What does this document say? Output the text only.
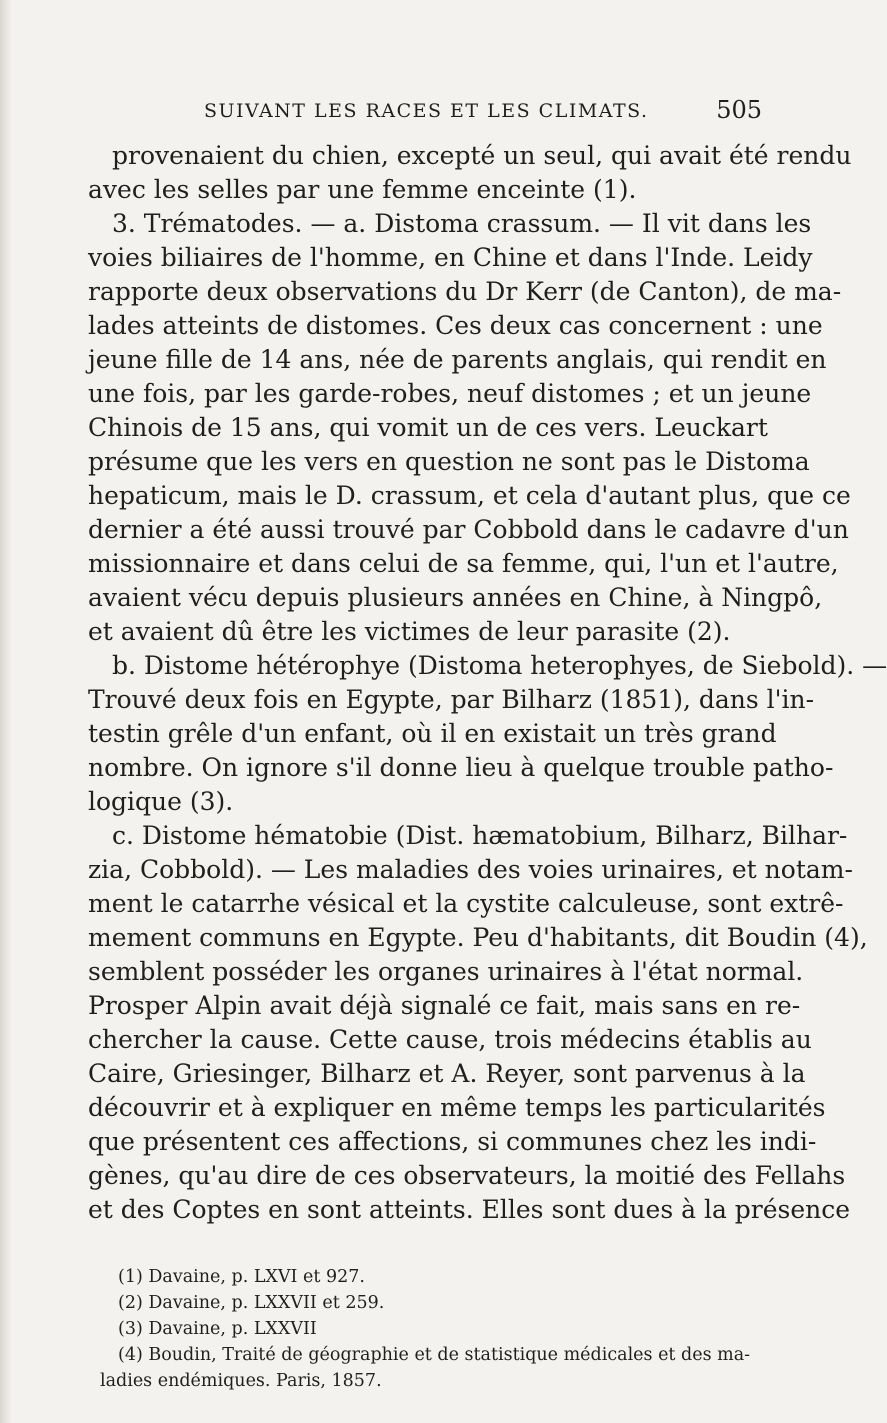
SUIVANT LES RACES ET LES CLIMATS.	505
provenaient du chien, excepté un seul, qui avait été rendu
avec les selles par une femme enceinte (1).
3. Trématodes. — a. Distoma crassum. — Il vit dans les
voies biliaires de l'homme, en Chine et dans l'Inde. Leidy
rapporte deux observations du Dr Kerr (de Canton), de ma-
lades atteints de distomes. Ces deux cas concernent : une
jeune fille de 14 ans, née de parents anglais, qui rendit en
une fois, par les garde-robes, neuf distomes ; et un jeune
Chinois de 15 ans, qui vomit un de ces vers. Leuckart
présume que les vers en question ne sont pas le Distoma
hepaticum, mais le D. crassum, et cela d'autant plus, que ce
dernier a été aussi trouvé par Cobbold dans le cadavre d'un
missionnaire et dans celui de sa femme, qui, l'un et l'autre,
avaient vécu depuis plusieurs années en Chine, à Ningpô,
et avaient dû être les victimes de leur parasite (2).
b. Distome hétérophye (Distoma heterophyes, de Siebold). —
Trouvé deux fois en Egypte, par Bilharz (1851), dans l'in-
testin grêle d'un enfant, où il en existait un très grand
nombre. On ignore s'il donne lieu à quelque trouble patho-
logique (3).
c. Distome hématobie (Dist. hæmatobium, Bilharz, Bilhar-
zia, Cobbold). — Les maladies des voies urinaires, et notam-
ment le catarrhe vésical et la cystite calculeuse, sont extrê-
mement communs en Egypte. Peu d'habitants, dit Boudin (4),
semblent posséder les organes urinaires à l'état normal.
Prosper Alpin avait déjà signalé ce fait, mais sans en re-
chercher la cause. Cette cause, trois médecins établis au
Caire, Griesinger, Bilharz et A. Reyer, sont parvenus à la
découvrir et à expliquer en même temps les particularités
que présentent ces affections, si communes chez les indi-
gènes, qu'au dire de ces observateurs, la moitié des Fellahs
et des Coptes en sont atteints. Elles sont dues à la présence
(1) Davaine, p. LXVI et 927.
(2) Davaine, p. LXXVII et 259.
(3) Davaine, p. LXXVII
(4) Boudin, Traité de géographie et de statistique médicales et des ma-
ladies endémiques. Paris, 1857.
